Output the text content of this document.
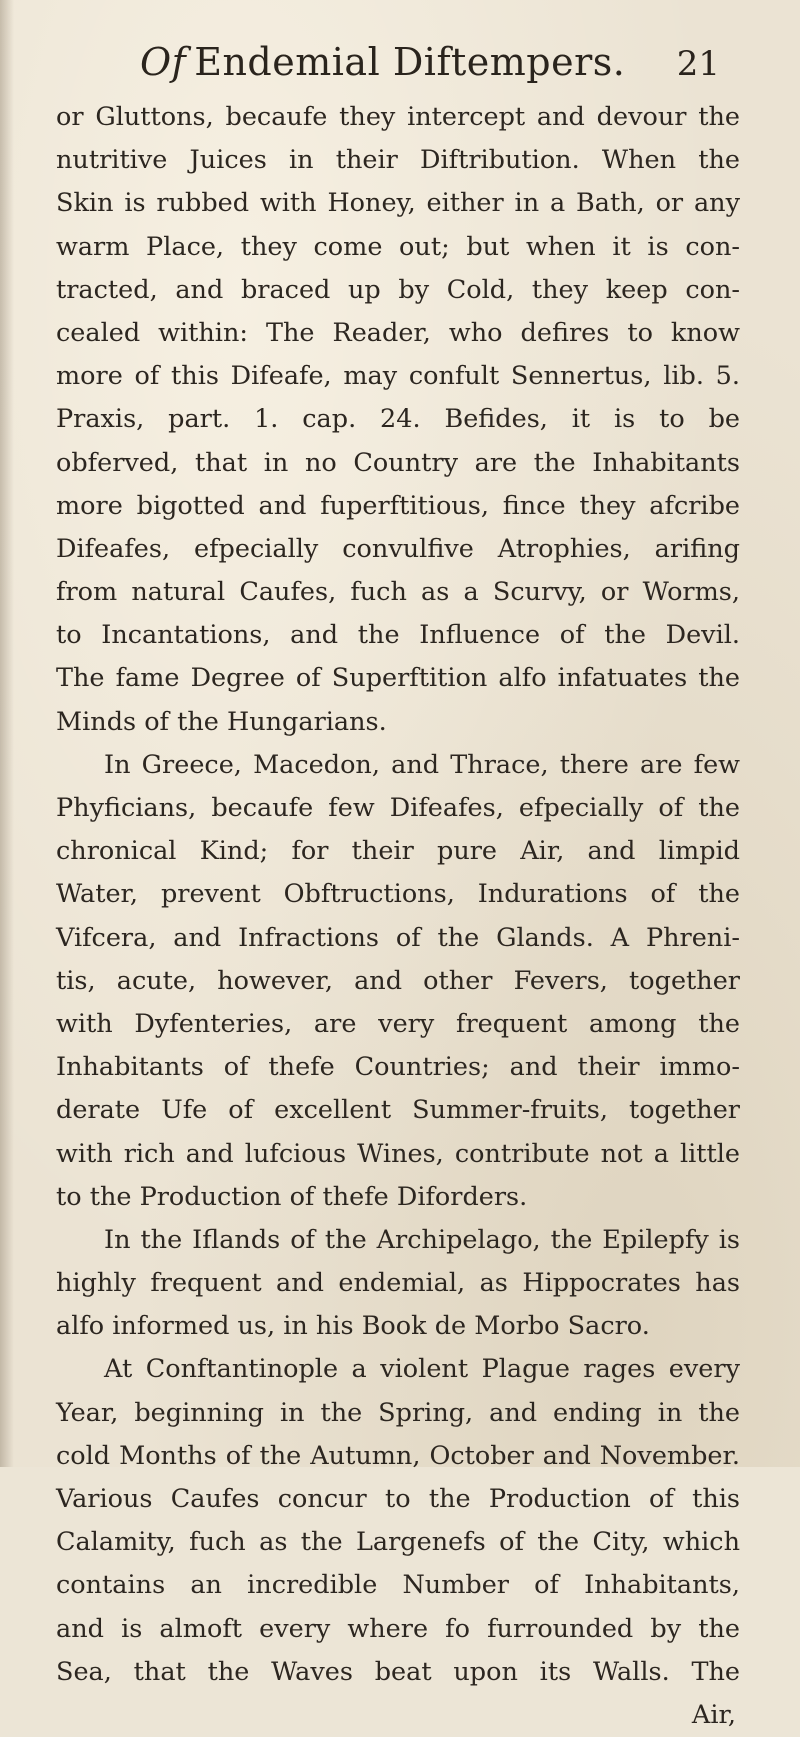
Of Endemial Diftempers. 21
or Gluttons, becaufe they intercept and devour the
nutritive Juices in their Diftribution. When the
Skin is rubbed with Honey, either in a Bath, or any
warm Place, they come out; but when it is con-
tracted, and braced up by Cold, they keep con-
cealed within: The Reader, who defires to know
more of this Difeafe, may confult Sennertus, lib. 5.
Praxis, part. 1. cap. 24. Befides, it is to be
obferved, that in no Country are the Inhabitants
more bigotted and fuperftitious, fince they afcribe
Difeafes, efpecially convulfive Atrophies, arifing
from natural Caufes, fuch as a Scurvy, or Worms,
to Incantations, and the Influence of the Devil.
The fame Degree of Superftition alfo infatuates the
Minds of the Hungarians.
In Greece, Macedon, and Thrace, there are few
Phyficians, becaufe few Difeafes, efpecially of the
chronical Kind; for their pure Air, and limpid
Water, prevent Obftructions, Indurations of the
Vifcera, and Infractions of the Glands. A Phreni-
tis, acute, however, and other Fevers, together
with Dyfenteries, are very frequent among the
Inhabitants of thefe Countries; and their immo-
derate Ufe of excellent Summer-fruits, together
with rich and lufcious Wines, contribute not a little
to the Production of thefe Diforders.
In the Iflands of the Archipelago, the Epilepfy is
highly frequent and endemial, as Hippocrates has
alfo informed us, in his Book de Morbo Sacro.
At Conftantinople a violent Plague rages every
Year, beginning in the Spring, and ending in the
cold Months of the Autumn, October and November.
Various Caufes concur to the Production of this
Calamity, fuch as the Largenefs of the City, which
contains an incredible Number of Inhabitants,
and is almoft every where fo furrounded by the
Sea, that the Waves beat upon its Walls. The
Air,
